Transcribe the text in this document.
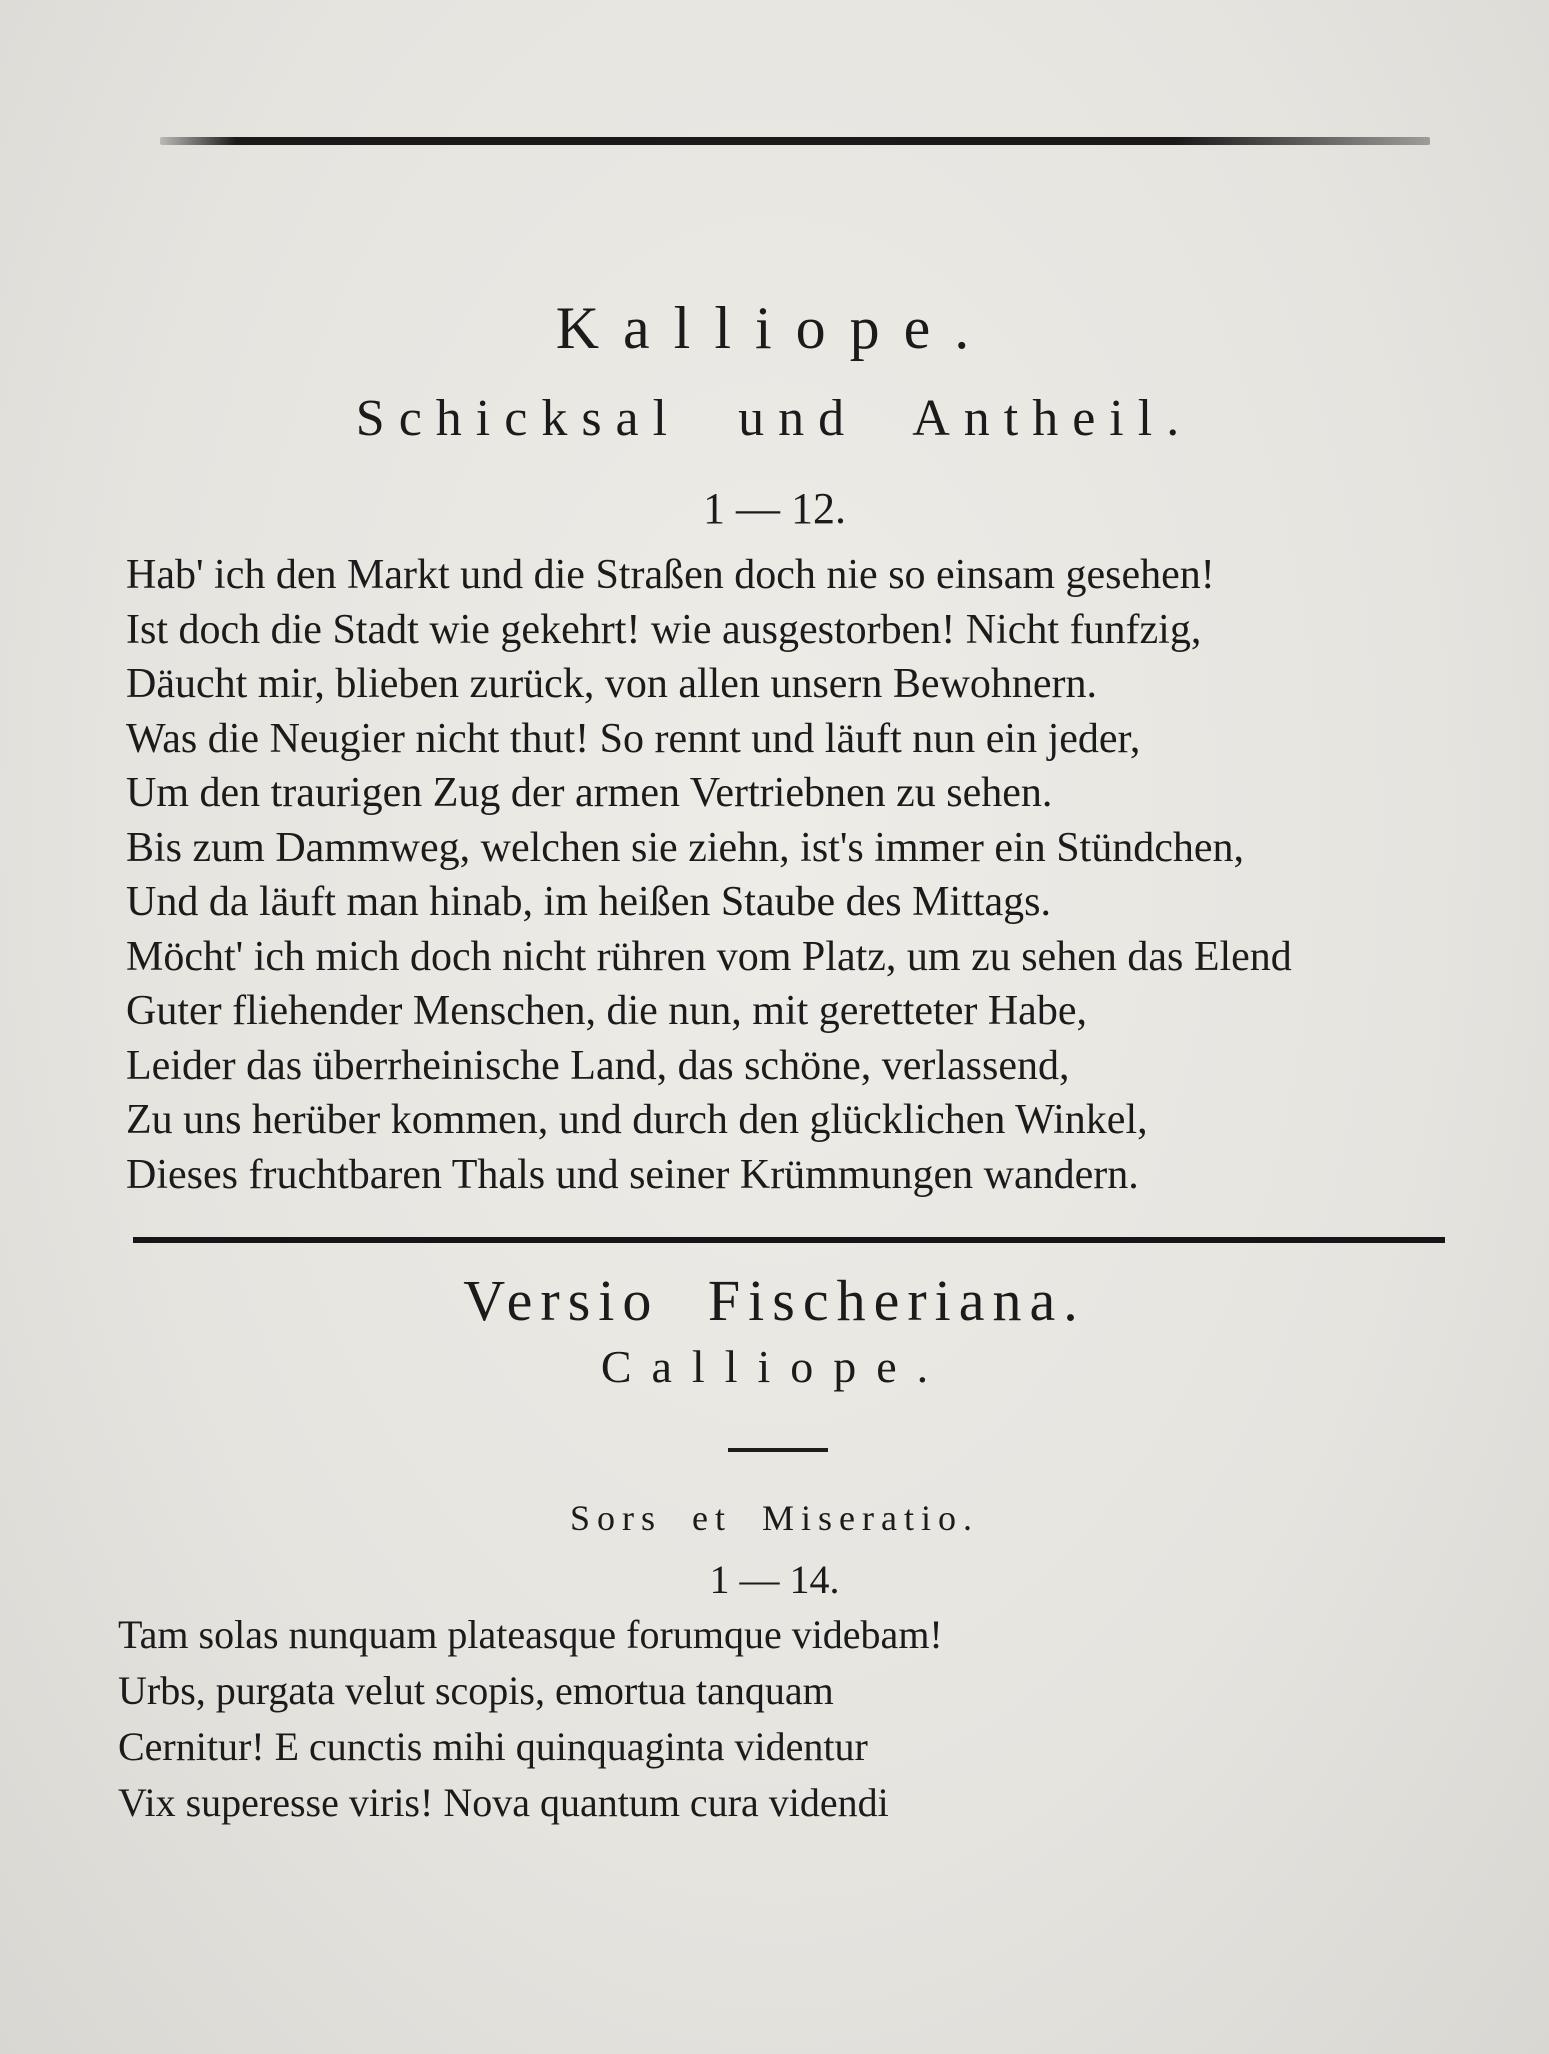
Kalliope.
Schicksal und Antheil.
1 — 12.
Hab' ich den Markt und die Straßen doch nie so einsam gesehen!
Ist doch die Stadt wie gekehrt! wie ausgestorben! Nicht funfzig,
Däucht mir, blieben zurück, von allen unsern Bewohnern.
Was die Neugier nicht thut! So rennt und läuft nun ein jeder,
Um den traurigen Zug der armen Vertriebnen zu sehen.
Bis zum Dammweg, welchen sie ziehn, ist's immer ein Stündchen,
Und da läuft man hinab, im heißen Staube des Mittags.
Möcht' ich mich doch nicht rühren vom Platz, um zu sehen das Elend
Guter fliehender Menschen, die nun, mit geretteter Habe,
Leider das überrheinische Land, das schöne, verlassend,
Zu uns herüber kommen, und durch den glücklichen Winkel,
Dieses fruchtbaren Thals und seiner Krümmungen wandern.
Versio Fischeriana.
Calliope.
Sors et Miseratio.
1 — 14.
Tam solas nunquam plateasque forumque videbam!
Urbs, purgata velut scopis, emortua tanquam
Cernitur! E cunctis mihi quinquaginta videntur
Vix superesse viris! Nova quantum cura videndi
